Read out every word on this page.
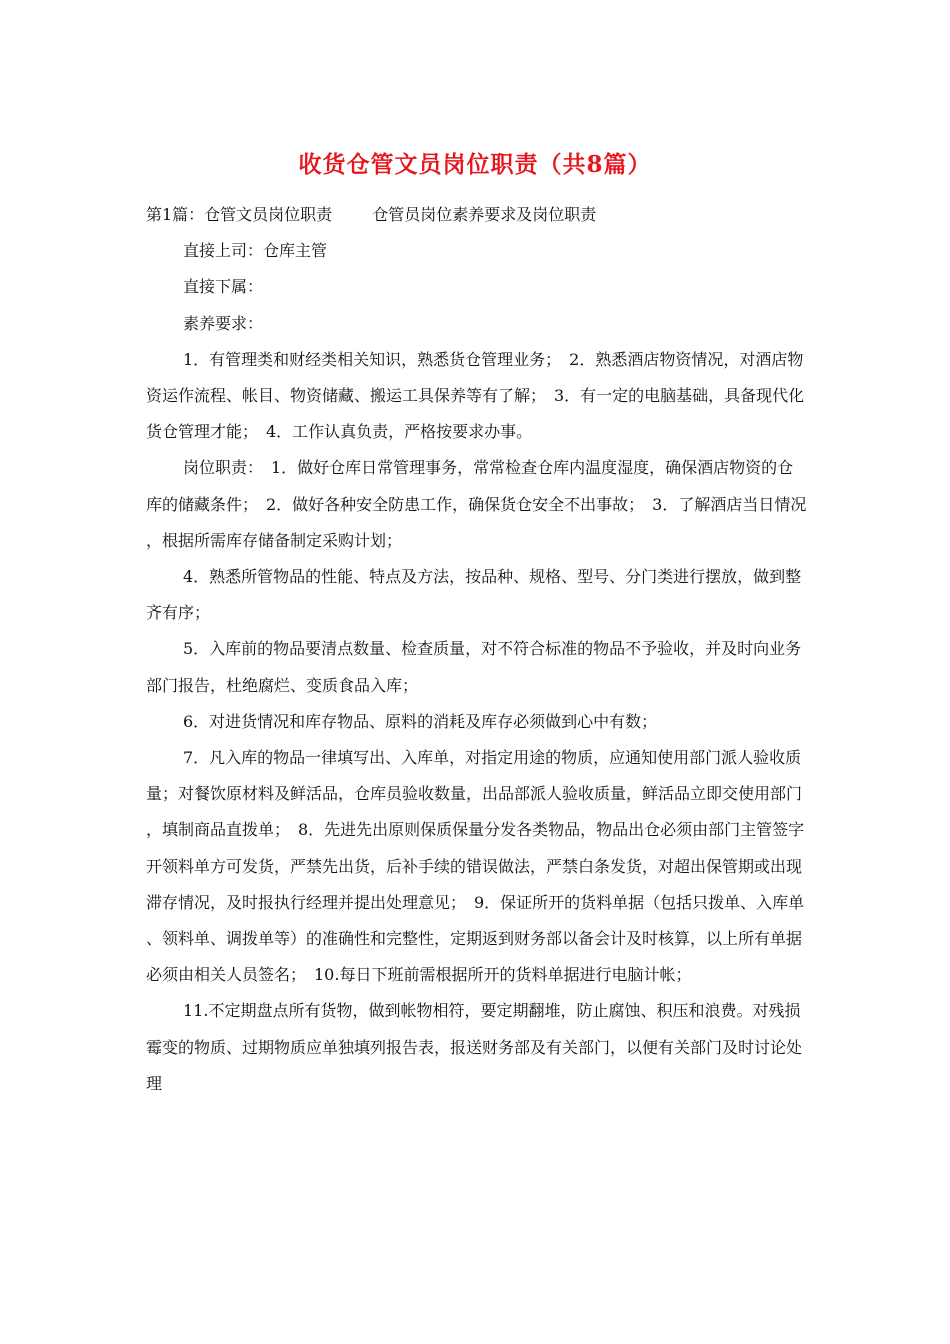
收货仓管文员岗位职责（共8篇）

第1篇：仓管文员岗位职责	仓管员岗位素养要求及岗位职责

直接上司：仓库主管

直接下属：

素养要求：

1．有管理类和财经类相关知识，熟悉货仓管理业务；　2．熟悉酒店物资情况，对酒店物资运作流程、帐目、物资储藏、搬运工具保养等有了解；　3．有一定的电脑基础，具备现代化货仓管理才能；　4．工作认真负责，严格按要求办事。

岗位职责：　1．做好仓库日常管理事务，常常检查仓库内温度湿度，确保酒店物资的仓库的储藏条件；　2．做好各种安全防患工作，确保货仓安全不出事故；　3．了解酒店当日情况，根据所需库存储备制定采购计划；

4．熟悉所管物品的性能、特点及方法，按品种、规格、型号、分门类进行摆放，做到整齐有序；

5．入库前的物品要清点数量、检查质量，对不符合标准的物品不予验收，并及时向业务部门报告，杜绝腐烂、变质食品入库；

6．对进货情况和库存物品、原料的消耗及库存必须做到心中有数；

7．凡入库的物品一律填写出、入库单，对指定用途的物质，应通知使用部门派人验收质量；对餐饮原材料及鲜活品，仓库员验收数量，出品部派人验收质量，鲜活品立即交使用部门，填制商品直拨单；　8．先进先出原则保质保量分发各类物品，物品出仓必须由部门主管签字开领料单方可发货，严禁先出货，后补手续的错误做法，严禁白条发货，对超出保管期或出现滞存情况，及时报执行经理并提出处理意见；　9．保证所开的货料单据（包括只拨单、入库单、领料单、调拨单等）的准确性和完整性，定期返到财务部以备会计及时核算，以上所有单据必须由相关人员签名；　10.每日下班前需根据所开的货料单据进行电脑计帐；

11.不定期盘点所有货物，做到帐物相符，要定期翻堆，防止腐蚀、积压和浪费。对残损霉变的物质、过期物质应单独填列报告表，报送财务部及有关部门，以便有关部门及时讨论处理
